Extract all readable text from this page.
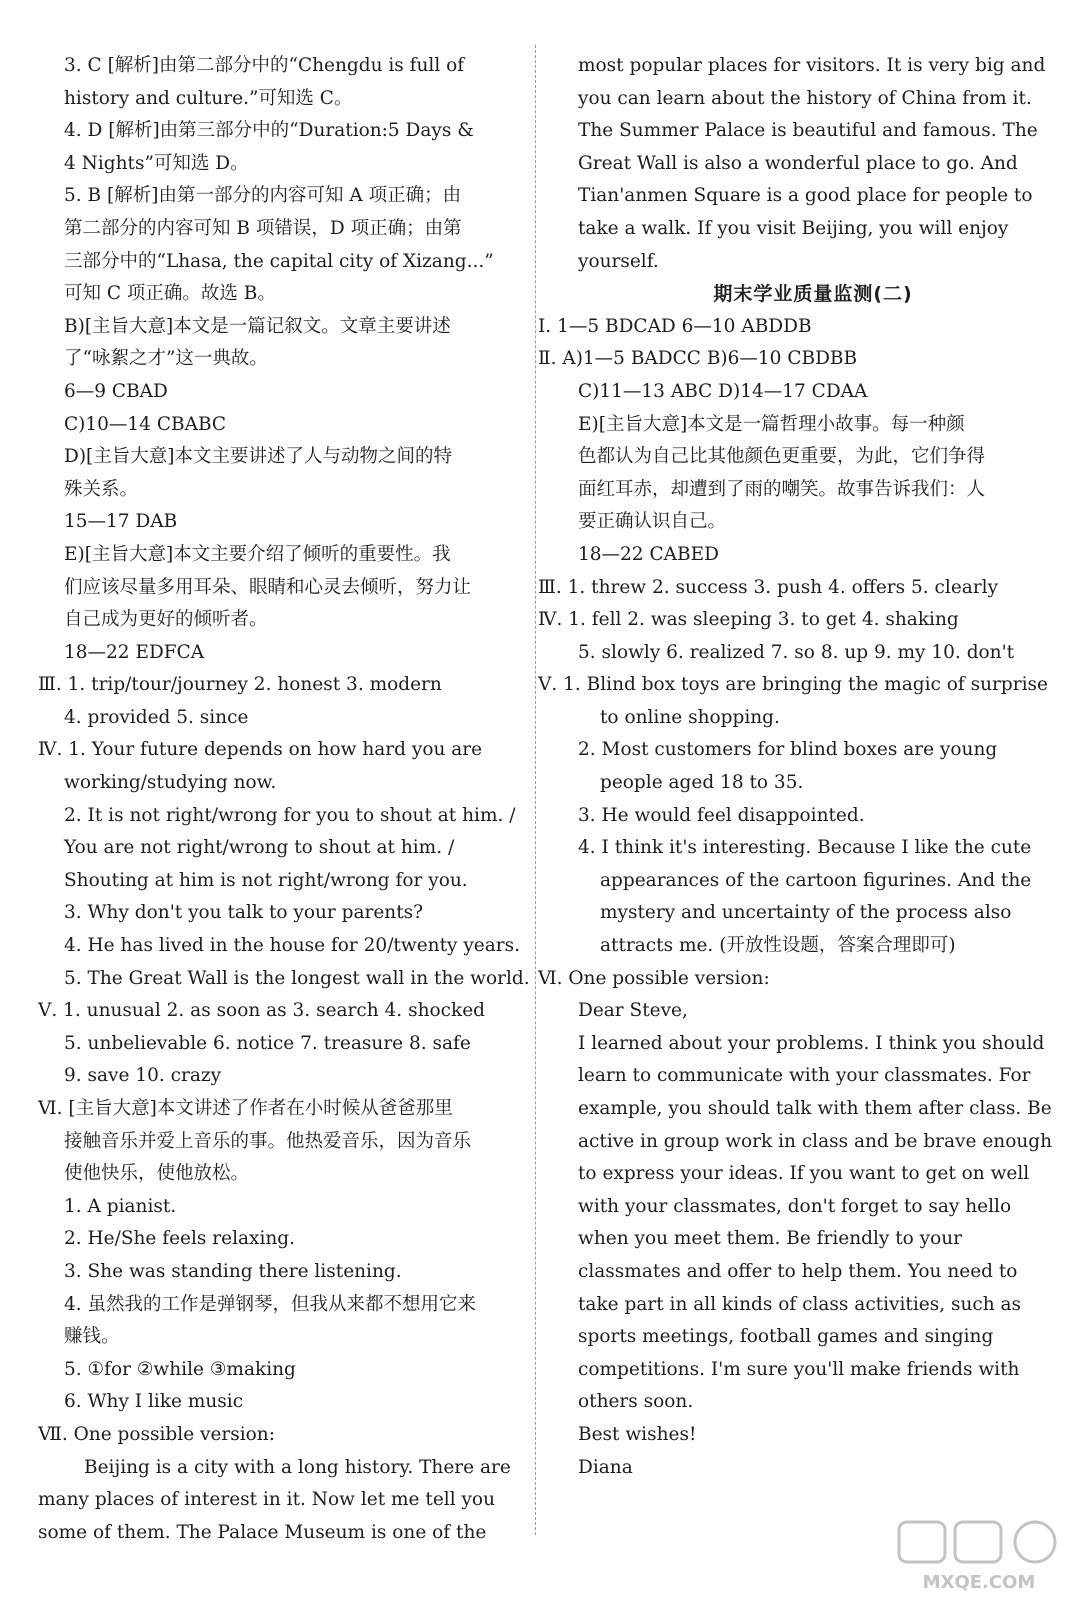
3. C [解析]由第二部分中的“Chengdu is full of
history and culture.”可知选 C。
4. D [解析]由第三部分中的“Duration:5 Days &
4 Nights”可知选 D。
5. B [解析]由第一部分的内容可知 A 项正确；由
第二部分的内容可知 B 项错误，D 项正确；由第
三部分中的“Lhasa, the capital city of Xizang...”
可知 C 项正确。故选 B。
B)[主旨大意]本文是一篇记叙文。文章主要讲述
了“咏絮之才”这一典故。
6—9 CBAD
C)10—14 CBABC
D)[主旨大意]本文主要讲述了人与动物之间的特
殊关系。
15—17 DAB
E)[主旨大意]本文主要介绍了倾听的重要性。我
们应该尽量多用耳朵、眼睛和心灵去倾听，努力让
自己成为更好的倾听者。
18—22 EDFCA
Ⅲ. 1. trip/tour/journey 2. honest 3. modern
4. provided 5. since
Ⅳ. 1. Your future depends on how hard you are
working/studying now.
2. It is not right/wrong for you to shout at him. /
You are not right/wrong to shout at him. /
Shouting at him is not right/wrong for you.
3. Why don't you talk to your parents?
4. He has lived in the house for 20/twenty years.
5. The Great Wall is the longest wall in the world.
Ⅴ. 1. unusual 2. as soon as 3. search 4. shocked
5. unbelievable 6. notice 7. treasure 8. safe
9. save 10. crazy
Ⅵ. [主旨大意]本文讲述了作者在小时候从爸爸那里
接触音乐并爱上音乐的事。他热爱音乐，因为音乐
使他快乐，使他放松。
1. A pianist.
2. He/She feels relaxing.
3. She was standing there listening.
4. 虽然我的工作是弹钢琴，但我从来都不想用它来
赚钱。
5. ①for ②while ③making
6. Why I like music
Ⅶ. One possible version:
Beijing is a city with a long history. There are
many places of interest in it. Now let me tell you
some of them. The Palace Museum is one of the
most popular places for visitors. It is very big and
you can learn about the history of China from it.
The Summer Palace is beautiful and famous. The
Great Wall is also a wonderful place to go. And
Tian'anmen Square is a good place for people to
take a walk. If you visit Beijing, you will enjoy
yourself.
期末学业质量监测(二)
Ⅰ. 1—5 BDCAD 6—10 ABDDB
Ⅱ. A)1—5 BADCC B)6—10 CBDBB
C)11—13 ABC D)14—17 CDAA
E)[主旨大意]本文是一篇哲理小故事。每一种颜
色都认为自己比其他颜色更重要，为此，它们争得
面红耳赤，却遭到了雨的嘲笑。故事告诉我们：人
要正确认识自己。
18—22 CABED
Ⅲ. 1. threw 2. success 3. push 4. offers 5. clearly
Ⅳ. 1. fell 2. was sleeping 3. to get 4. shaking
5. slowly 6. realized 7. so 8. up 9. my 10. don't
Ⅴ. 1. Blind box toys are bringing the magic of surprise
to online shopping.
2. Most customers for blind boxes are young
people aged 18 to 35.
3. He would feel disappointed.
4. I think it's interesting. Because I like the cute
appearances of the cartoon figurines. And the
mystery and uncertainty of the process also
attracts me. (开放性设题，答案合理即可)
Ⅵ. One possible version:
Dear Steve,
I learned about your problems. I think you should
learn to communicate with your classmates. For
example, you should talk with them after class. Be
active in group work in class and be brave enough
to express your ideas. If you want to get on well
with your classmates, don't forget to say hello
when you meet them. Be friendly to your
classmates and offer to help them. You need to
take part in all kinds of class activities, such as
sports meetings, football games and singing
competitions. I'm sure you'll make friends with
others soon.
Best wishes!
Diana
MXQE.COM
